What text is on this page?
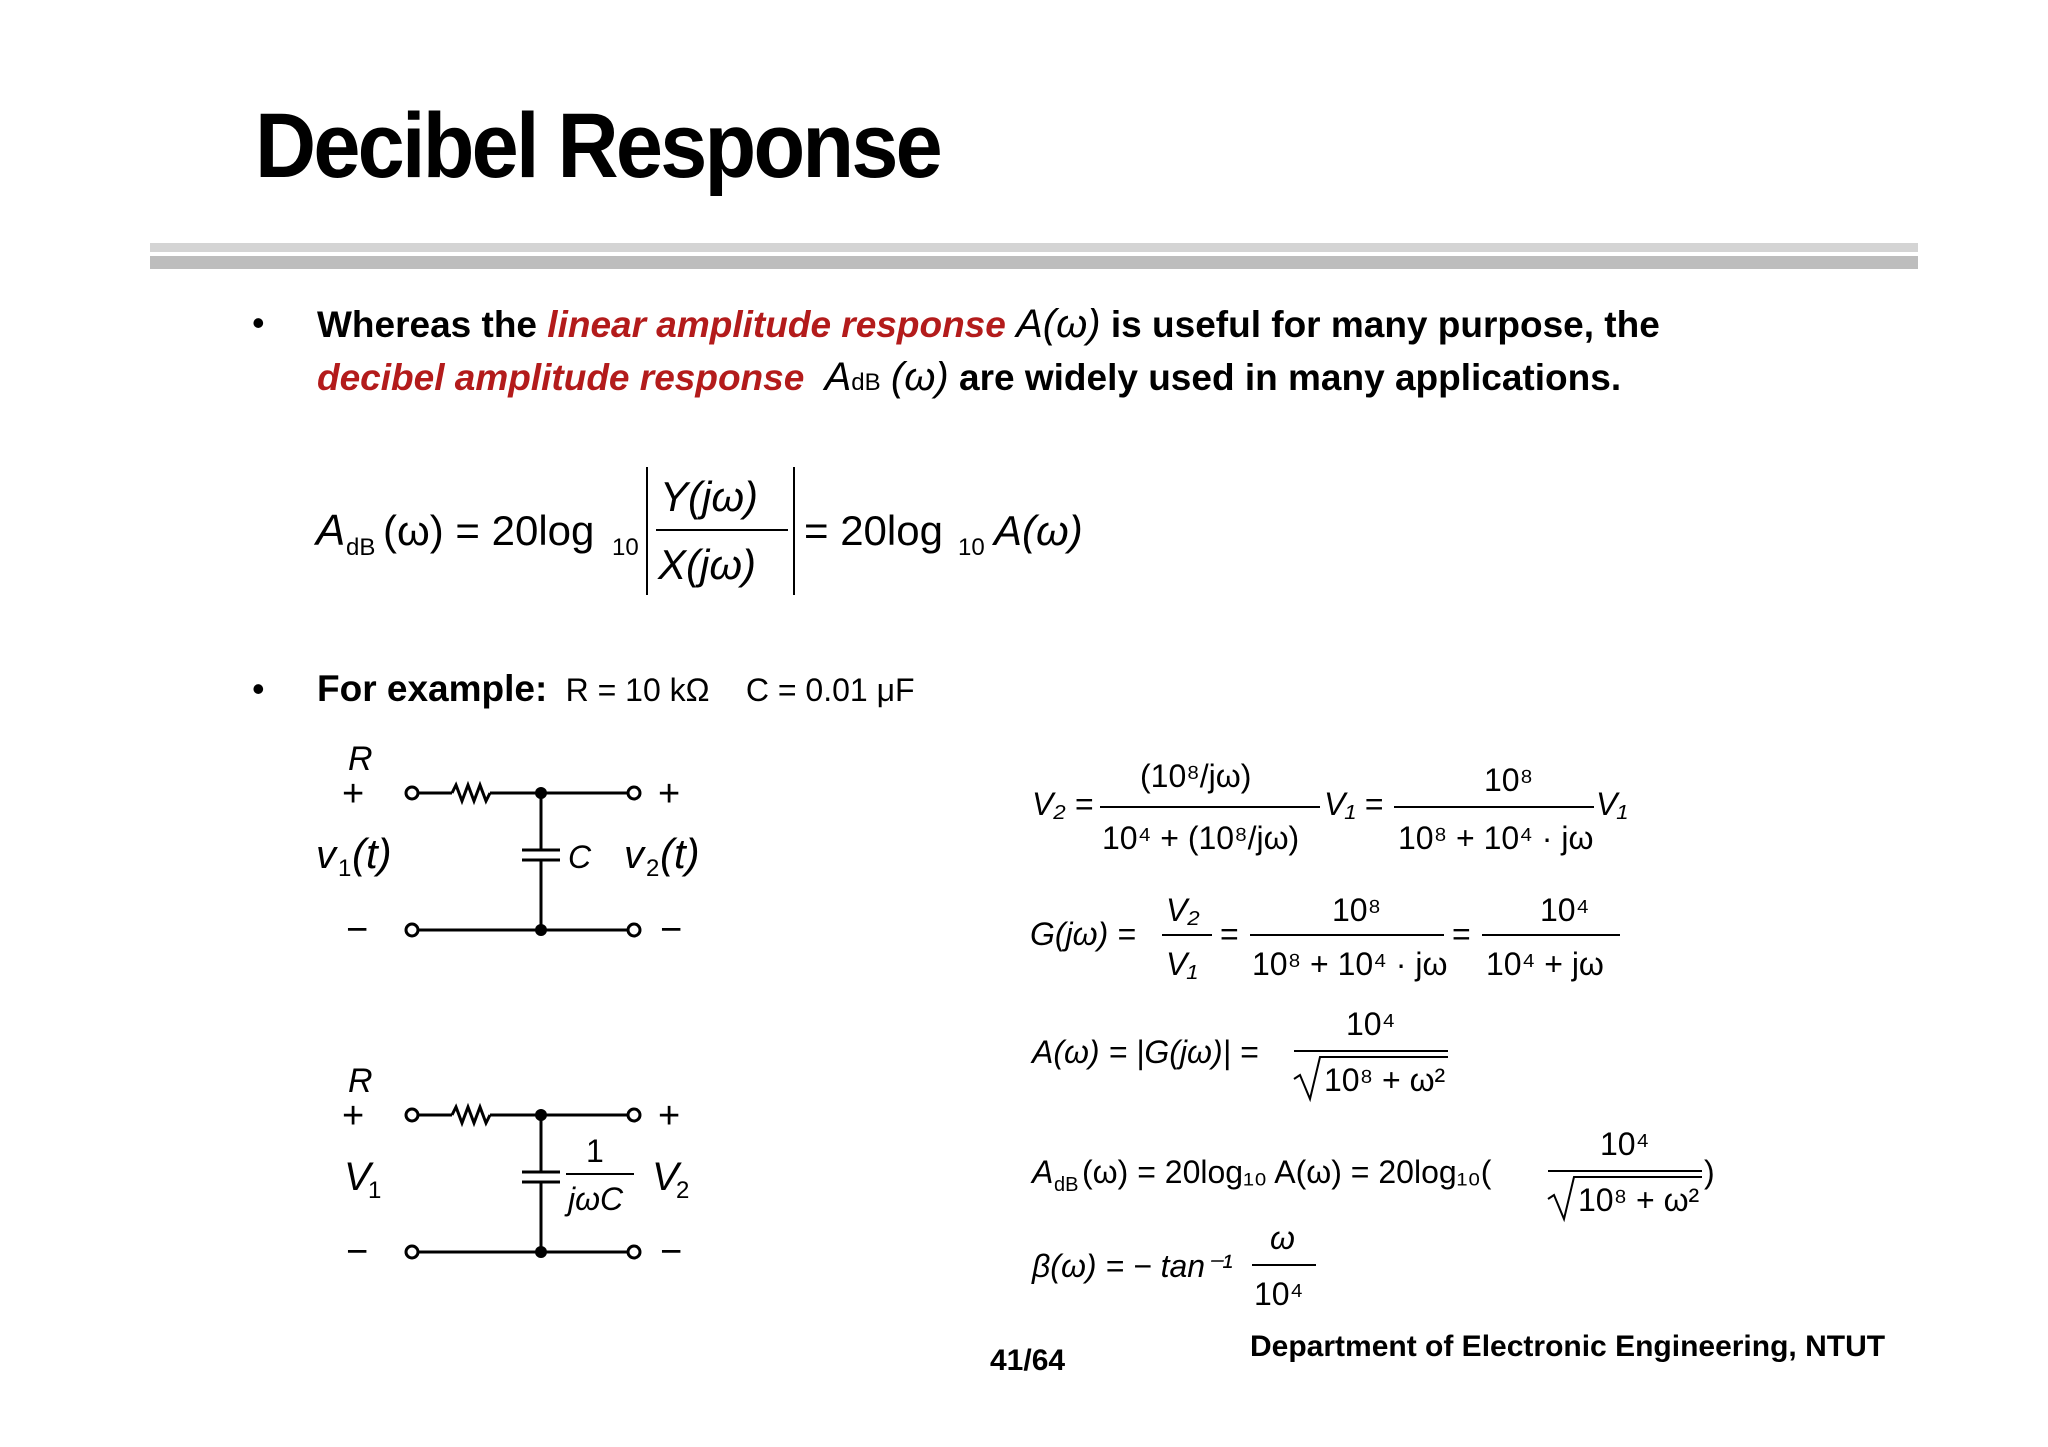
Decibel Response
• Whereas the linear amplitude response A(ω) is useful for many purpose, the
decibel amplitude response AdB (ω) are widely used in many applications.
A dB (ω) = 20log 10
Y(jω)
X(jω)
= 20log 10 A(ω)
• For example: R = 10 kΩ C = 0.01 μF
R
+	+
C
v 1 (t)	v 2 (t)
−	−
R
+	+
1
jωC
V
1	V
2
−	−
V₂ =
(10⁸/jω)
10⁴ + (10⁸/jω)
V₁ =
10⁸
10⁸ + 10⁴ · jω
V₁
G(jω) =
V₂
V₁
=
10⁸
10⁸ + 10⁴ · jω
=
10⁴
10⁴ + jω
A(ω) = |G(jω)| =
10⁴
10⁸ + ω²
A dB (ω) = 20log₁₀ A(ω) = 20log₁₀(
10⁴
10⁸ + ω²
)
β(ω) = − tan⁻¹
ω
10⁴
41/64	Department of Electronic Engineering, NTUT
